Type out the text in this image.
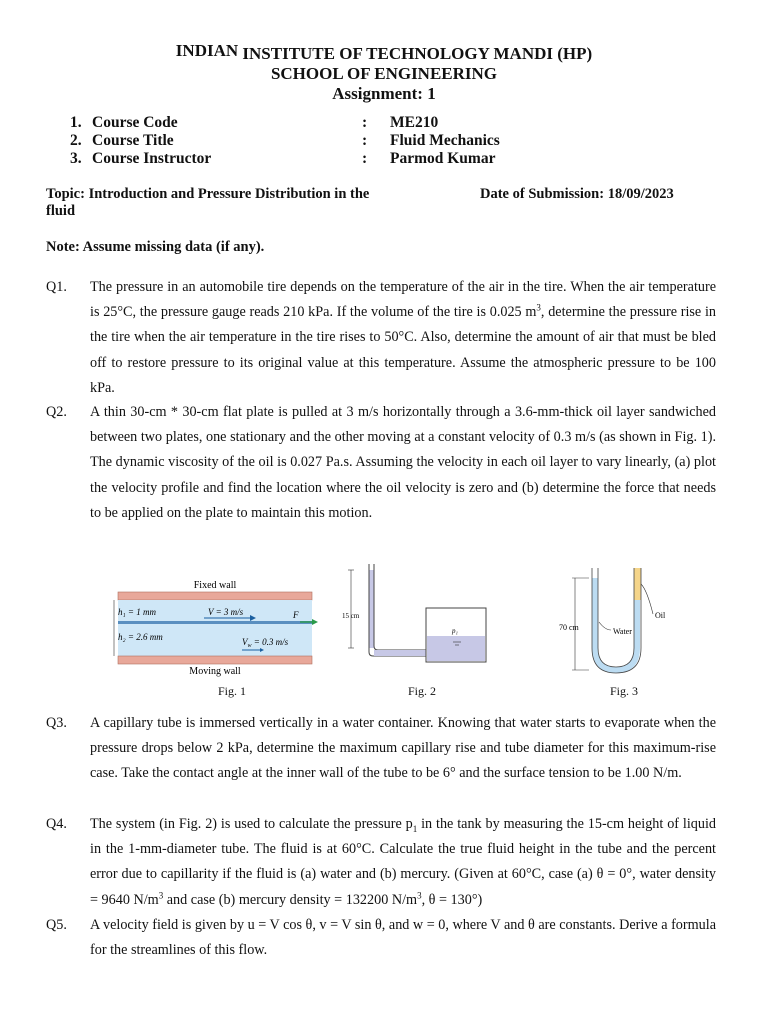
INDIAN INSTITUTE OF TECHNOLOGY MANDI (HP)
SCHOOL OF ENGINEERING
Assignment: 1
1. Course Code	: ME210
2. Course Title	: Fluid Mechanics
3. Course Instructor	: Parmod Kumar
Topic: Introduction and Pressure Distribution in the fluid
Date of Submission: 18/09/2023
Note: Assume missing data (if any).
Q1. The pressure in an automobile tire depends on the temperature of the air in the tire. When the air temperature is 25°C, the pressure gauge reads 210 kPa. If the volume of the tire is 0.025 $m^3$, determine the pressure rise in the tire when the air temperature in the tire rises to 50°C. Also, determine the amount of air that must be bled off to restore pressure to its original value at this temperature. Assume the atmospheric pressure to be 100 kPa.
Q2. A thin 30-cm * 30-cm flat plate is pulled at 3 m/s horizontally through a 3.6-mm-thick oil layer sandwiched between two plates, one stationary and the other moving at a constant velocity of 0.3 m/s (as shown in Fig. 1). The dynamic viscosity of the oil is 0.027 Pa.s. Assuming the velocity in each oil layer to vary linearly, (a) plot the velocity profile and find the location where the oil velocity is zero and (b) determine the force that needs to be applied on the plate to maintain this motion.
Fixed wall
h₁ = 1 mm
h₂ = 2.6 mm
V = 3 m/s	F
$V_w = 0.3$ m/s
Moving wall
Fig. 1
15 cm
p₁
Fig. 2
70 cm	Water
Oil
Fig. 3
Q3. A capillary tube is immersed vertically in a water container. Knowing that water starts to evaporate when the pressure drops below 2 kPa, determine the maximum capillary rise and tube diameter for this maximum-rise case. Take the contact angle at the inner wall of the tube to be 6° and the surface tension to be 1.00 N/m.
Q4. The system (in Fig. 2) is used to calculate the pressure $p_1$ in the tank by measuring the 15-cm height of liquid in the 1-mm-diameter tube. The fluid is at 60°C. Calculate the true fluid height in the tube and the percent error due to capillarity if the fluid is (a) water and (b) mercury. (Given at 60°C, case (a) θ = 0°, water density = 9640 $N/m^3$ and case (b) mercury density = 132200 $N/m^3$, θ = 130°)
Q5. A velocity field is given by u = V cos θ, v = V sin θ, and w = 0, where V and θ are constants. Derive a formula for the streamlines of this flow.
